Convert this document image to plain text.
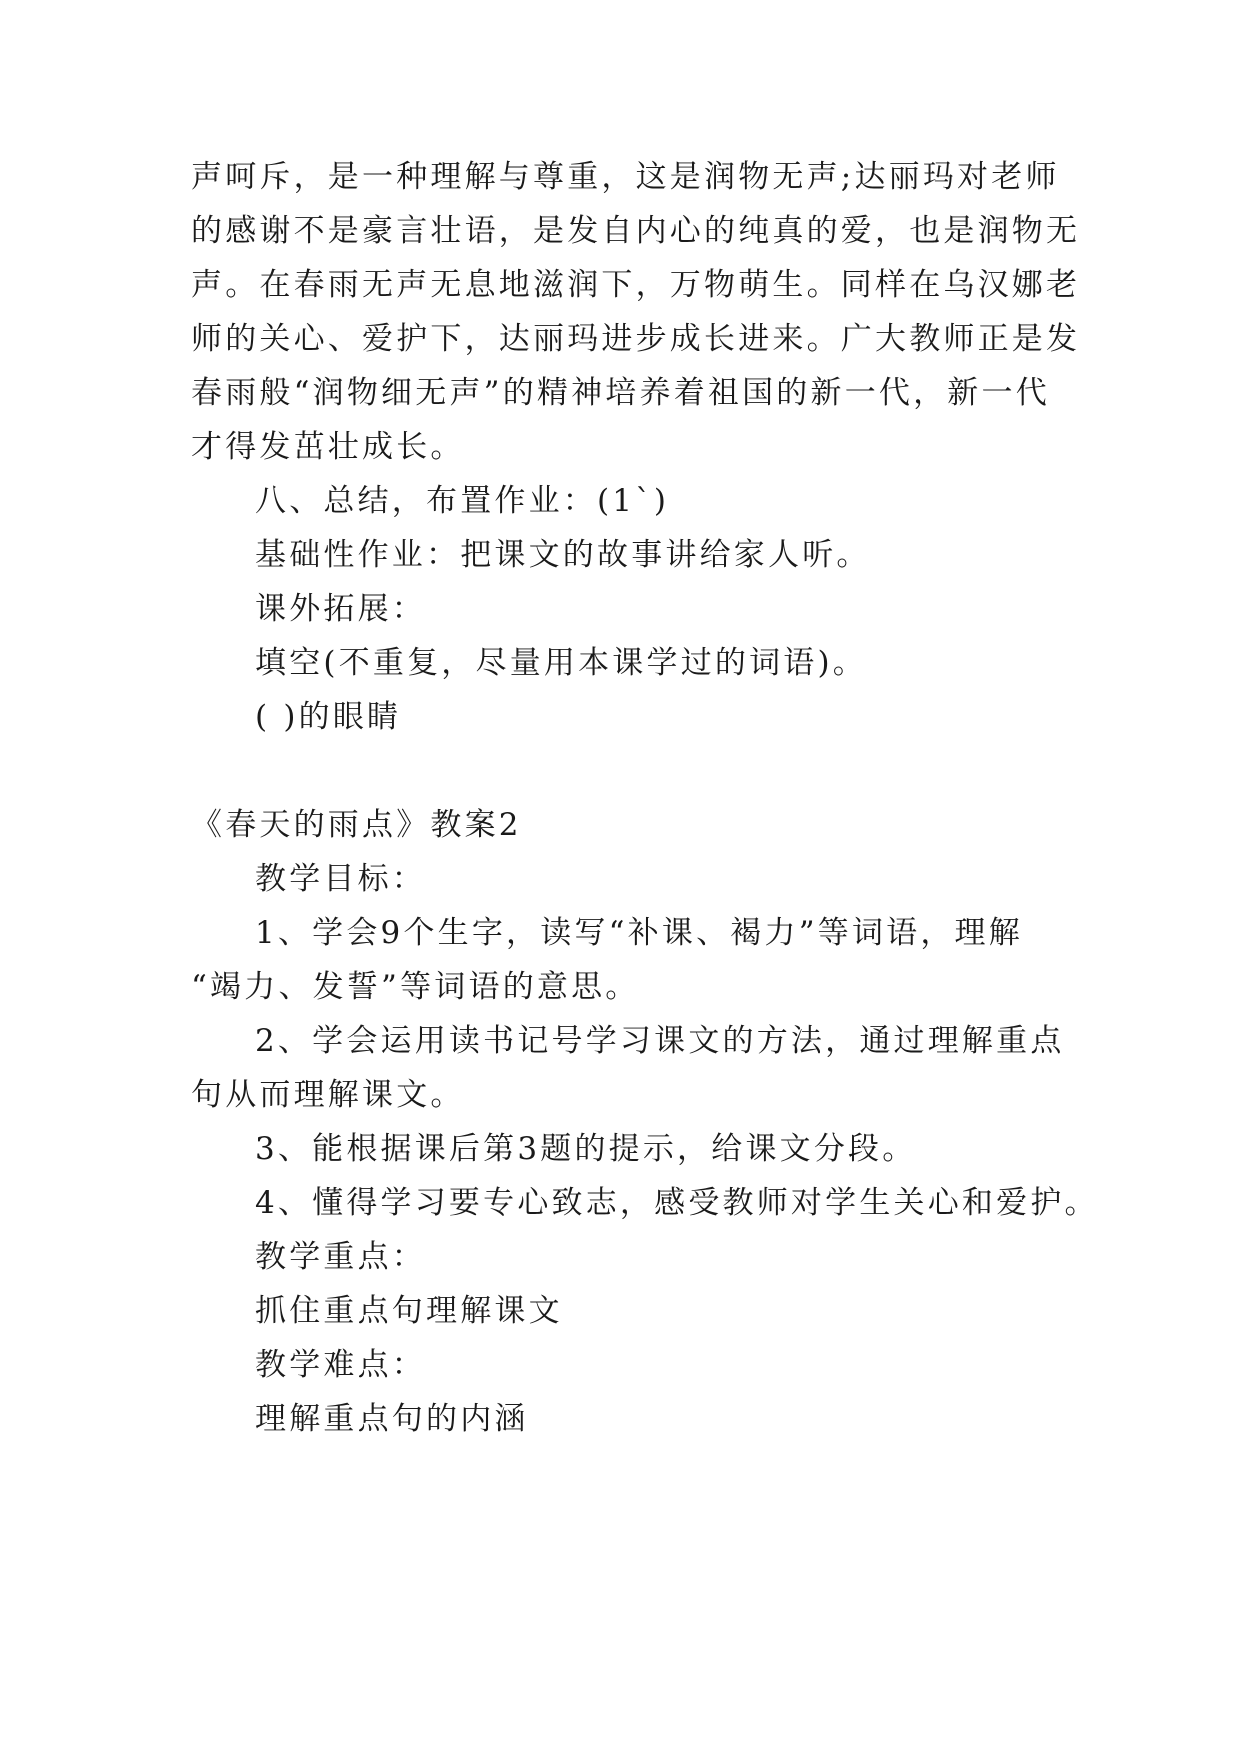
声呵斥，是一种理解与尊重，这是润物无声;达丽玛对老师
的感谢不是豪言壮语，是发自内心的纯真的爱，也是润物无
声。在春雨无声无息地滋润下，万物萌生。同样在乌汉娜老
师的关心、爱护下，达丽玛进步成长进来。广大教师正是发
春雨般“润物细无声”的精神培养着祖国的新一代，新一代
才得发茁壮成长。
八、总结，布置作业：(1`)
基础性作业：把课文的故事讲给家人听。
课外拓展：
填空(不重复，尽量用本课学过的词语)。
( )的眼睛
《春天的雨点》教案2
教学目标：
1、学会9个生字，读写“补课、褐力”等词语，理解
“竭力、发誓”等词语的意思。
2、学会运用读书记号学习课文的方法，通过理解重点
句从而理解课文。
3、能根据课后第3题的提示，给课文分段。
4、懂得学习要专心致志，感受教师对学生关心和爱护。
教学重点：
抓住重点句理解课文
教学难点：
理解重点句的内涵
